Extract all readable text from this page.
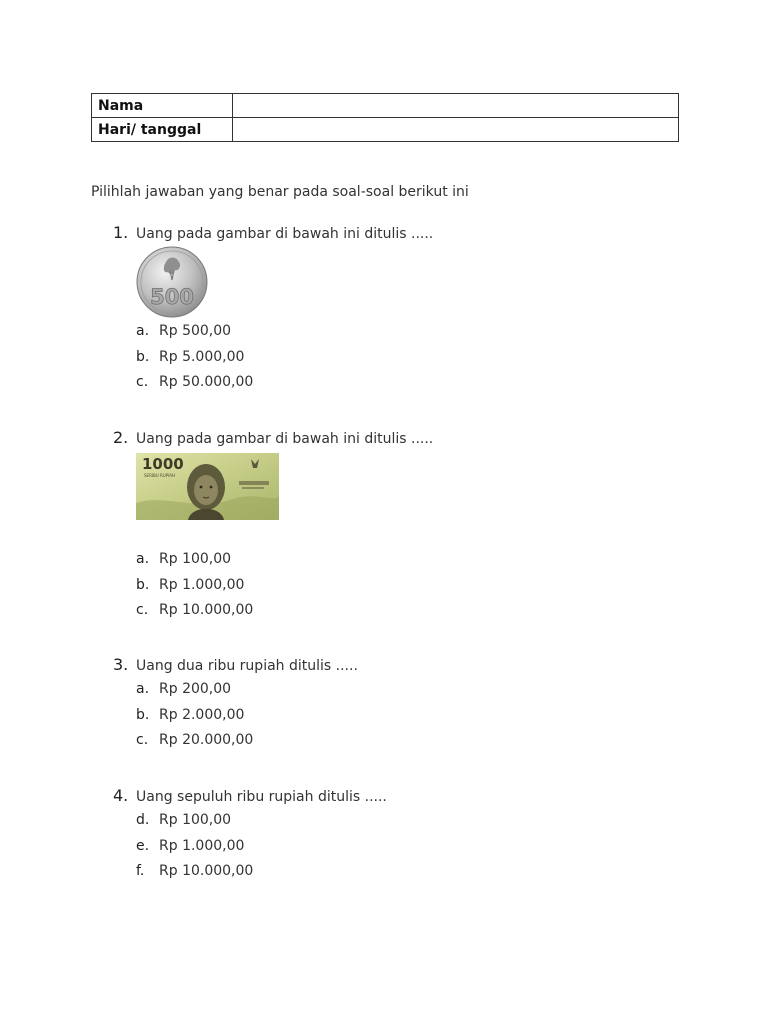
Nama	
Hari/ tanggal	
Pilihlah jawaban yang benar pada soal-soal berikut ini
1. Uang pada gambar di bawah ini ditulis .....
500
a. Rp 500,00
b. Rp 5.000,00
c. Rp 50.000,00
2. Uang pada gambar di bawah ini ditulis .....
1000
SERIBU RUPIAH
a. Rp 100,00
b. Rp 1.000,00
c. Rp 10.000,00
3. Uang dua ribu rupiah ditulis .....
a. Rp 200,00
b. Rp 2.000,00
c. Rp 20.000,00
4. Uang sepuluh ribu rupiah ditulis .....
d. Rp 100,00
e. Rp 1.000,00
f. Rp 10.000,00
